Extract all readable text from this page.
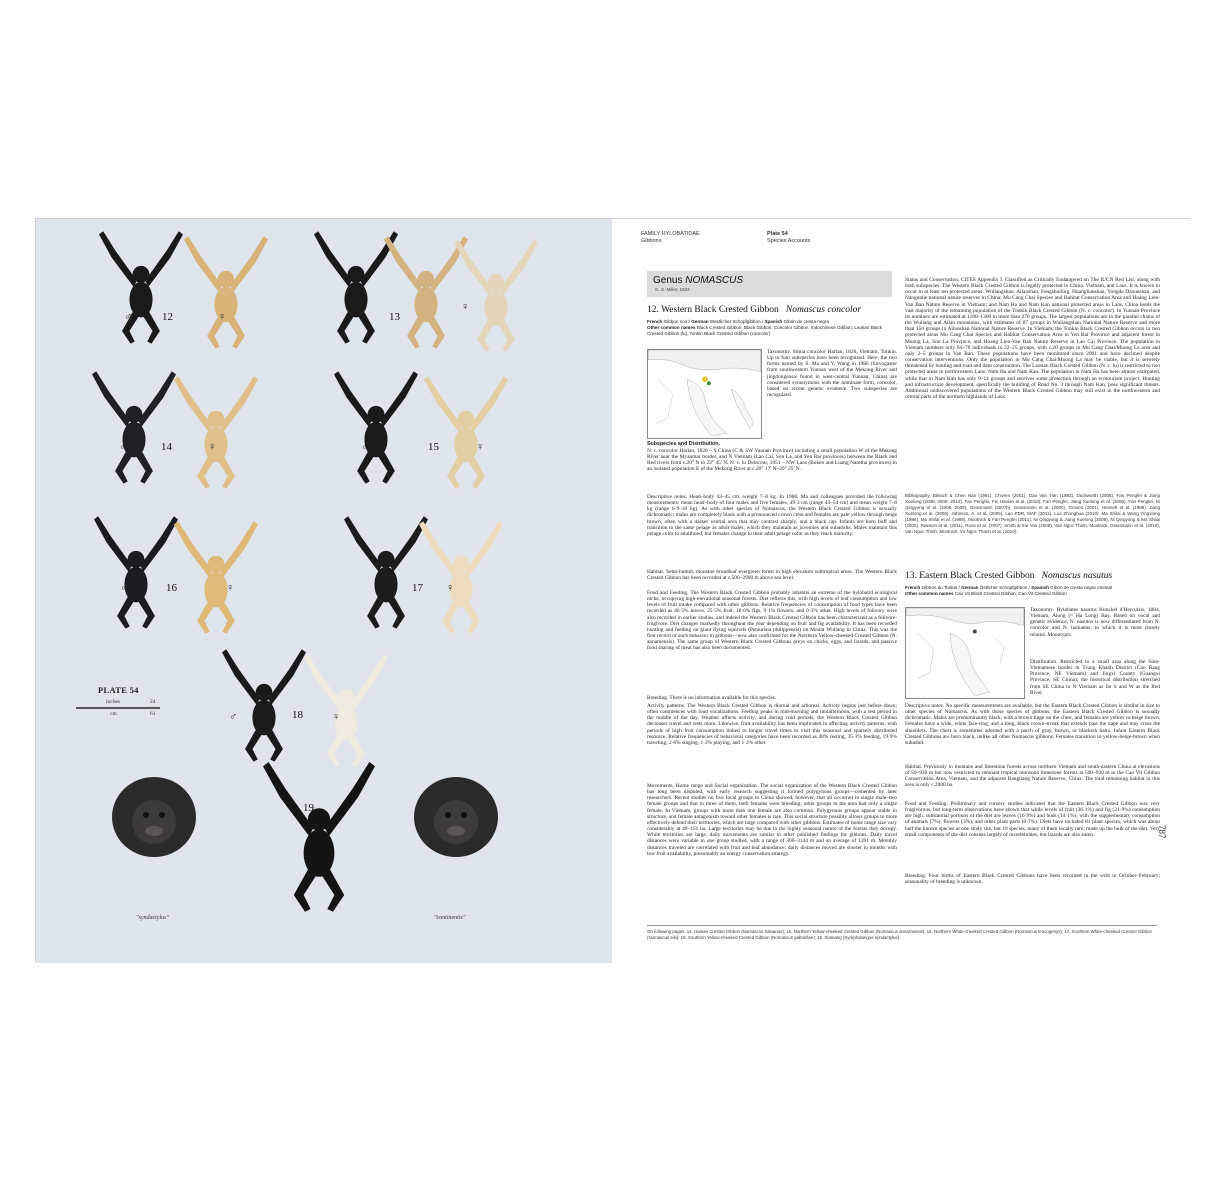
12	13
14	15
16	17
18
19
♂	♀	♂
♀
♂	♀	♂	♀
♂	♀	♂	♀
♂	♀
PLATE 54
inches	24
cm	61
"syndactylus"	"continentis"
FAMILY HYLOBATIDAE
Gibbons
Plate 54
Species Accounts
Genus NOMASCUS
G. S. Miller, 1933
12. Western Black Crested Gibbon Nomascus concolor
French Gibbon noir / German Westlicher Schopfgibbon / Spanish Gibón de cresta negra
Other common names Black Crested Gibbon, Black Gibbon, Concolor Gibbon, Indochinese Gibbon; Laotian Black Crested Gibbon (lu), Tonkin Black Crested Gibbon (concolor)
Taxonomy. Simia concolor Harlan, 1826, Vietnam, Tonkin. Up to four subspecies have been recognized. Here, the two forms named by S. Ma and Y. Wang in 1986 (furvogaster from southwestern Yunnan west of the Mekong River and jingdongensis found in west-central Yunnan, China) are considered synonymous with the nominate form, concolor, based on recent genetic evidence. Two subspecies are recognized.
Subspecies and Distribution.
N. c. concolor Harlan, 1826 – S China (C & SW Yunnan Province) including a small population W of the Mekong River near the Myanmar border, and N Vietnam (Lao Cai, Son La, and Yen Bai provinces) between the Black and Red rivers from c.20° N to 23° 45' N. N. c. lu Delacour, 1951 – NW Laos (Bokeo and Luang Namtha provinces) in an isolated population E of the Mekong River at c.20° 17' N–20° 25' N.
Descriptive notes. Head–body 43–45 cm; weight 7–8 kg. In 1988, Ma and colleagues provided the following measurements: mean head–body of four males and five females, 49·3 cm (range 43–54 cm) and mean weight 7–8 kg (range 6·9–10 kg). As with other species of Nomascus, the Western Black Crested Gibbon is sexually dichromatic; males are completely black with a pronounced crown crest and females are pale yellow through beige brown, often with a darker ventral area that may contrast sharply, and a black cap. Infants are born buff and transition to the same pelage as adult males, which they maintain as juveniles and subadults. Males maintain this pelage color to adulthood, but females change to their adult pelage color as they reach maturity.
Habitat. Semi-humid, montane broadleaf evergreen forest in high elevation subtropical areas. The Western Black Crested Gibbon has been recorded at c.500–2900 m above sea level.
Food and Feeding. The Western Black Crested Gibbon probably inhabits an extreme of the hylobatid ecological niche, occupying high-elevational seasonal forests. Diet reflects this, with high levels of leaf consumption and low levels of fruit intake compared with other gibbons. Relative frequencies of consumption of food types have been recorded as 46·5% leaves, 25·5% fruit, 18·6% figs, 9·1% flowers, and 0·3% other. High levels of folivory were also recorded in earlier studies, and indeed the Western Black Crested Gibbon has been characterized as a folivore-frugivore. Diet changes markedly throughout the year depending on fruit and fig availability. It has been recorded hunting and feeding on giant flying squirrels (Petaurista philippensis) on Mount Wuliang in China. This was the first record of such behavior in gibbons—now also confirmed for the Northern Yellow-cheeked Crested Gibbon (N. annamensis). The same group of Western Black Crested Gibbons preys on chicks, eggs, and lizards, and passive food sharing of meat has also been documented.
Breeding. There is no information available for this species.
Activity patterns. The Western Black Crested Gibbon is diurnal and arboreal. Activity begins just before dawn; often commences with loud vocalizations. Feeding peaks in mid-morning and midafternoon, with a rest period in the middle of the day. Weather affects activity, and during cold periods, the Western Black Crested Gibbon decreases travel and rests more. Likewise, fruit availability has been implicated in affecting activity patterns, with periods of high fruit consumption linked to longer travel times to visit this seasonal and sparsely distributed resource. Relative frequencies of behavioral categories have been recorded as 40% resting, 35·1% feeding, 19·9% traveling, 2·6% singing, 1·2% playing, and 1·2% other.
Movements, Home range and Social organization. The social organization of the Western Black Crested Gibbon has long been disputed, with early research suggesting it formed polygynous groups—cemented by later researchers. Recent studies on five focal groups in China showed, however, that all occurred in single male–two female groups and that in three of them, both females were breeding; other groups in the area had only a single female. In Vietnam, groups with more than one female are also common. Polygynous groups appear stable in structure, and female antagonism toward other females is rare. This social structure possibly allows groups to more effectively defend their territories, which are large compared with other gibbons. Estimates of home range size vary considerably at 49–151 ha. Large territories may be due to the highly seasonal nature of the forests they occupy. While territories are large, daily movements are similar to other published findings for gibbons. Daily travel distances were variable in one group studied, with a range of 300–3144 m and an average of 1391 m. Monthly distances traveled are correlated with fruit and leaf abundance; daily distances moved are shorter in months with low fruit availability, presumably an energy conservation strategy.
Status and Conservation. CITES Appendix I. Classified as Critically Endangered on The IUCN Red List, along with both subspecies. The Western Black Crested Gibbon is legally protected in China, Vietnam, and Laos. It is known to occur in at least ten protected areas: Wuliangshan, Ailaoshan, Fengshuiling, Huanglianshan, Yongde Daxueshan, and Nangunhe national nature reserves in China; Mu Cang Chai Species and Habitat Conservation Area and Hoang Lien-Van Ban Nature Reserve in Vietnam; and Nam Ha and Nam Kan national protected areas in Laos. China holds the vast majority of the remaining population of the Tonkin Black Crested Gibbon (N. c. concolor). In Yunnan Province its numbers are estimated at 1100–1300 in more than 270 groups. The largest populations are in the parallel chains of the Wuliang and Ailao mountains, with estimates of 87 groups in Wuliangshan National Nature Reserve and more than 150 groups in Ailaoshan National Nature Reserve. In Vietnam, the Tonkin Black Crested Gibbon occurs in two protected areas Mu Cang Chai Species and Habitat Conservation Area in Yen Bai Province and adjacent forest in Muong La, Son La Province, and Hoang Lien-Van Ban Nature Reserve in Lao Cai Province. The population in Vietnam numbers only 64–70 individuals in 22–25 groups, with c.20 groups in Mu Cang Chai/Muong La area and only 2–5 groups in Van Ban. These populations have been monitored since 2001 and have declined despite conservation interventions. Only the population in Mu Cang Chai/Muong La may be viable, but it is severely threatened by hunting and road and dam construction. The Laotian Black Crested Gibbon (N. c. lu) is restricted to two protected areas in northwestern Laos: Nam Ha and Nam Kan. The population in Nam Ha has been almost extirpated, while that in Nam Kan has only 9–14 groups and receives some protection through an ecotourism project. Hunting and infrastructure development, specifically the building of Road No. 3 through Nam Kan, pose significant threats. Additional undiscovered populations of the Western Black Crested Gibbon may still exist in the northwestern and central parts of the northern highlands of Laos.
Bibliography. Bleisch & Chen Nan (1991), Chivers (2001), Dao Van Tien (1983), Duckworth (2008), Fan Pengfei & Jiang Xuelong (2008, 2009, 2010), Fan Pengfei, Fei Hanlan et al. (2010), Fan Pengfei, Jiang Xuelong et al. (2006), Fan Pengfei, Ni Qingyong et al. (2008, 2009), Geissmann (2007b), Geissmann et al. (2000), Groves (2001), Heimeft et al. (1988), Jiang Xuelong et al. (2006), Johnson, A. et al. (2005), Lao PDR, MAF (2011), Luo Zhonghua (2010), Ma Shilai & Wang Yingxiang (1986), Ma Shilai et al. (1988), Mootnick & Fan Pengfei (2011), Ni Qingyong & Jiang Xuelong (2009), Ni Qingyong & Ma Shilai (2006), Rawson et al. (2011), Roos et al. (2007), Smith & Xie Yan (2008), Van Ngoc Thinh, Mootnick, Geissmann et al. (2010), Van Ngoc Thinh, Mootnick, Vu Ngoc Thanh et al. (2010).
13. Eastern Black Crested Gibbon Nomascus nasutus
French Gibbon du Tonkin / German Östlicher Schopfgibbon / Spanish Gibón de cresta negra oriental
Other common names Cao Vit Black Crested Gibbon, Cao Vit Crested Gibbon
Taxonomy. Hylobates nasutus Kunckel d'Herculais, 1884, Vietnam, Along (= Ha Long) Bay. Based on vocal and genetic evidence, N. nasutus is now differentiated from N. concolor and N. hainanus, to which it is most closely related. Monotypic.
Distribution. Restricted to a small area along the Sino-Vietnamese border in Trung Khanh District (Cao Bang Province, NE Vietnam) and Jingxi County (Guangxi Province, SE China); the historical distribution stretched from SE China to N Vietnam as far S and W as the Red River.
Descriptive notes. No specific measurements are available, but the Eastern Black Crested Gibbon is similar in size to other species of Nomascus. As with those species of gibbons, the Eastern Black Crested Gibbon is sexually dichromatic. Males are predominantly black, with a brown tinge on the chest, and females are yellow to beige brown. Females have a wide, white face-ring, and a long, black crown-streak that extends past the nape and may cross the shoulders. The chest is sometimes adorned with a patch of gray, brown, or blackish hairs. Infant Eastern Black Crested Gibbons are born black, unlike all other Nomascus gibbons. Females transition to yellow-beige-brown when subadult.
Habitat. Previously in montane and limestone forests across northern Vietnam and south-eastern China at elevations of 50–930 m but now restricted to remnant tropical monsoon limestone forests at 500–930 m in the Cao Vit Gibbon Conservation Area, Vietnam, and the adjacent Bangliang Nature Reserve, China. The total remaining habitat in this area is only c.2000 ha.
Food and Feeding. Preliminary and cursory studies indicated that the Eastern Black Crested Gibbon was very frugivorous, but long-term observations have shown that while levels of fruit (36·1%) and fig (21·9%) consumption are high, substantial portions of the diet are leaves (16·9%) and buds (14·1%), with the supplementary consumption of animals (7%), flowers (3%), and other plant parts (0·7%). Diets have included 81 plant species, which was about half the known species at one study site, but 19 species, many of them locally rare, made up the bulk of the diet. Very small components of the diet consists largely of invertebrates, but lizards are also eaten.
Breeding. Four births of Eastern Black Crested Gibbons have been recorded in the wild in October–February; seasonality of breeding is unknown.
On following pages: 14. Hainan Crested Gibbon (Nomascus hainanus); 15. Northern Yellow-cheeked Crested Gibbon (Nomascus annamensis); 16. Northern White-cheeked Crested Gibbon (Nomascus leucogenys); 17. Southern White-cheeked Crested Gibbon (Nomascus siki); 18. Southern Yellow-cheeked Crested Gibbon (Nomascus gabriellae); 19. Siamang (Symphalangus syndactylus).
787
